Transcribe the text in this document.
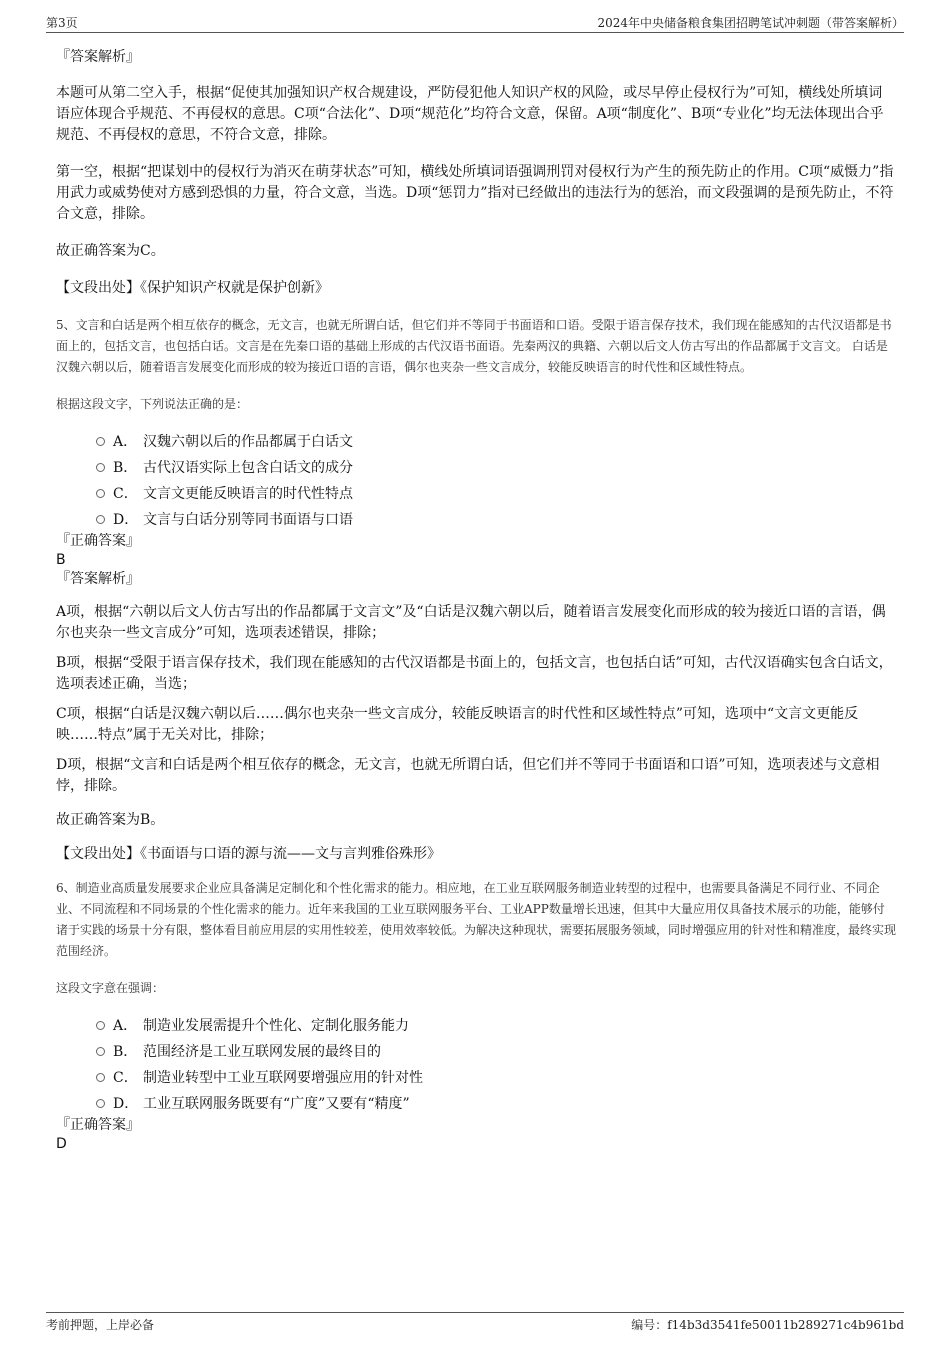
第3页	2024年中央储备粮食集团招聘笔试冲刺题（带答案解析）

『答案解析』

本题可从第二空入手，根据“促使其加强知识产权合规建设，严防侵犯他人知识产权的风险，或尽早停止侵权行为”可知，横线处所填词语应体现合乎规范、不再侵权的意思。C项“合法化”、D项“规范化”均符合文意，保留。A项“制度化”、B项“专业化”均无法体现出合乎规范、不再侵权的意思，不符合文意，排除。

第一空，根据“把谋划中的侵权行为消灭在萌芽状态”可知，横线处所填词语强调刑罚对侵权行为产生的预先防止的作用。C项“威慑力”指用武力或威势使对方感到恐惧的力量，符合文意，当选。D项“惩罚力”指对已经做出的违法行为的惩治，而文段强调的是预先防止，不符合文意，排除。

故正确答案为C。

【文段出处】《保护知识产权就是保护创新》

5、文言和白话是两个相互依存的概念，无文言，也就无所谓白话，但它们并不等同于书面语和口语。受限于语言保存技术，我们现在能感知的古代汉语都是书面上的，包括文言，也包括白话。文言是在先秦口语的基础上形成的古代汉语书面语。先秦两汉的典籍、六朝以后文人仿古写出的作品都属于文言文。 白话是汉魏六朝以后，随着语言发展变化而形成的较为接近口语的言语，偶尔也夹杂一些文言成分，较能反映语言的时代性和区域性特点。

根据这段文字，下列说法正确的是：

A． 汉魏六朝以后的作品都属于白话文
B． 古代汉语实际上包含白话文的成分
C． 文言文更能反映语言的时代性特点
D． 文言与白话分别等同书面语与口语

『正确答案』

B

『答案解析』

A项，根据“六朝以后文人仿古写出的作品都属于文言文”及“白话是汉魏六朝以后，随着语言发展变化而形成的较为接近口语的言语，偶尔也夹杂一些文言成分”可知，选项表述错误，排除；

B项，根据“受限于语言保存技术，我们现在能感知的古代汉语都是书面上的，包括文言，也包括白话”可知，古代汉语确实包含白话文，选项表述正确，当选；

C项，根据“白话是汉魏六朝以后……偶尔也夹杂一些文言成分，较能反映语言的时代性和区域性特点”可知，选项中“文言文更能反映……特点”属于无关对比，排除；

D项，根据“文言和白话是两个相互依存的概念，无文言，也就无所谓白话，但它们并不等同于书面语和口语”可知，选项表述与文意相悖，排除。

故正确答案为B。

【文段出处】《书面语与口语的源与流——文与言判雅俗殊形》

6、制造业高质量发展要求企业应具备满足定制化和个性化需求的能力。相应地，在工业互联网服务制造业转型的过程中，也需要具备满足不同行业、不同企业、不同流程和不同场景的个性化需求的能力。近年来我国的工业互联网服务平台、工业APP数量增长迅速，但其中大量应用仅具备技术展示的功能，能够付诸于实践的场景十分有限，整体看目前应用层的实用性较差，使用效率较低。为解决这种现状，需要拓展服务领域，同时增强应用的针对性和精准度，最终实现范围经济。

这段文字意在强调：

A． 制造业发展需提升个性化、定制化服务能力
B． 范围经济是工业互联网发展的最终目的
C． 制造业转型中工业互联网要增强应用的针对性
D． 工业互联网服务既要有“广度”又要有“精度”

『正确答案』

D

考前押题，上岸必备	编号：f14b3d3541fe50011b289271c4b961bd
